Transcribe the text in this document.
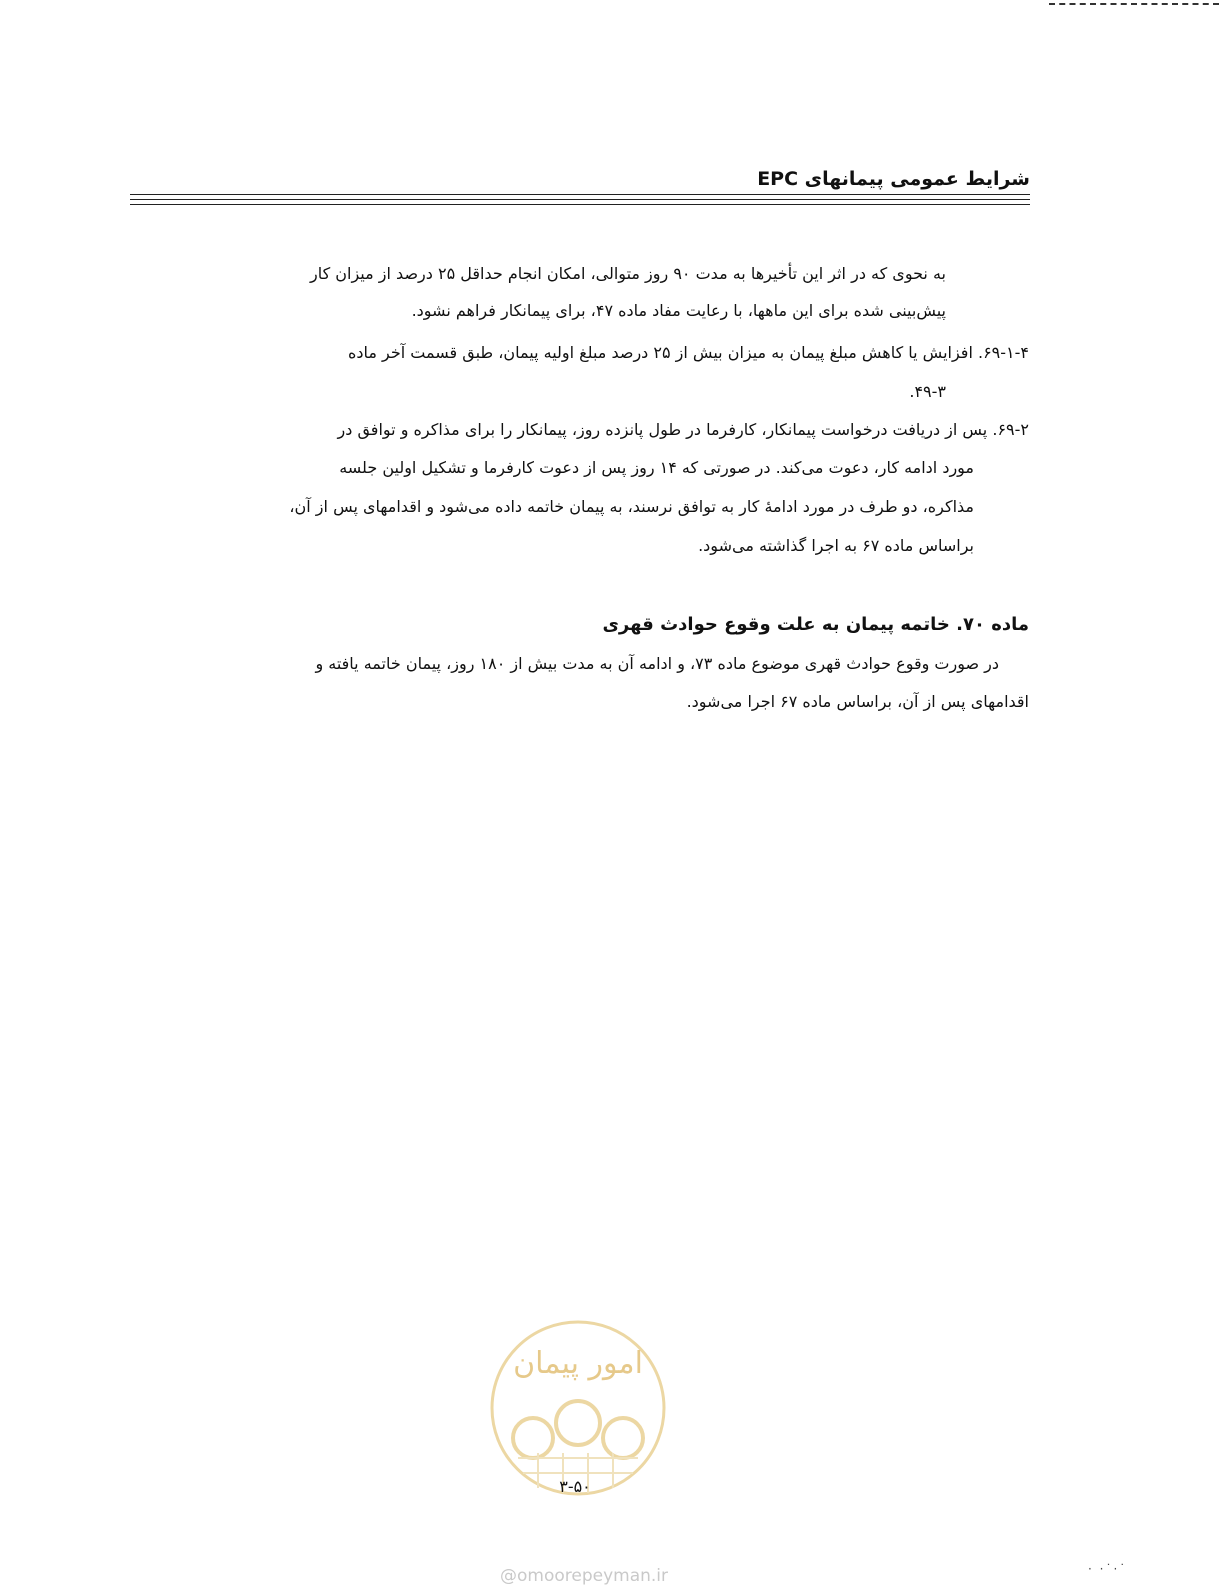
شرایط عمومی پیمانهای EPC
به نحوی که در اثر این تأخیرها به مدت ۹۰ روز متوالی، امکان انجام حداقل ۲۵ درصد از میزان کار
پیش‌بینی شده برای این ماهها، با رعایت مفاد ماده ۴۷، برای پیمانکار فراهم نشود.
۶۹-۱-۴. افزایش یا کاهش مبلغ پیمان به میزان بیش از ۲۵ درصد مبلغ اولیه پیمان، طبق قسمت آخر ماده
۴۹-۳.
۶۹-۲. پس از دریافت درخواست پیمانکار، کارفرما در طول پانزده روز، پیمانکار را برای مذاکره و توافق در
مورد ادامه کار، دعوت می‌کند. در صورتی که ۱۴ روز پس از دعوت کارفرما و تشکیل اولین جلسه
مذاکره، دو طرف در مورد ادامهٔ کار به توافق نرسند، به پیمان خاتمه داده می‌شود و اقدامهای پس از آن،
براساس ماده ۶۷ به اجرا گذاشته می‌شود.
ماده ۷۰. خاتمه پیمان به علت وقوع حوادث قهری
در صورت وقوع حوادث قهری موضوع ماده ۷۳، و ادامه آن به مدت بیش از ۱۸۰ روز، پیمان خاتمه یافته و
اقدامهای پس از آن، براساس ماده ۶۷ اجرا می‌شود.
امور پیمان
۳-۵۰
@omoorepeyman.ir	· ·˙·˙
